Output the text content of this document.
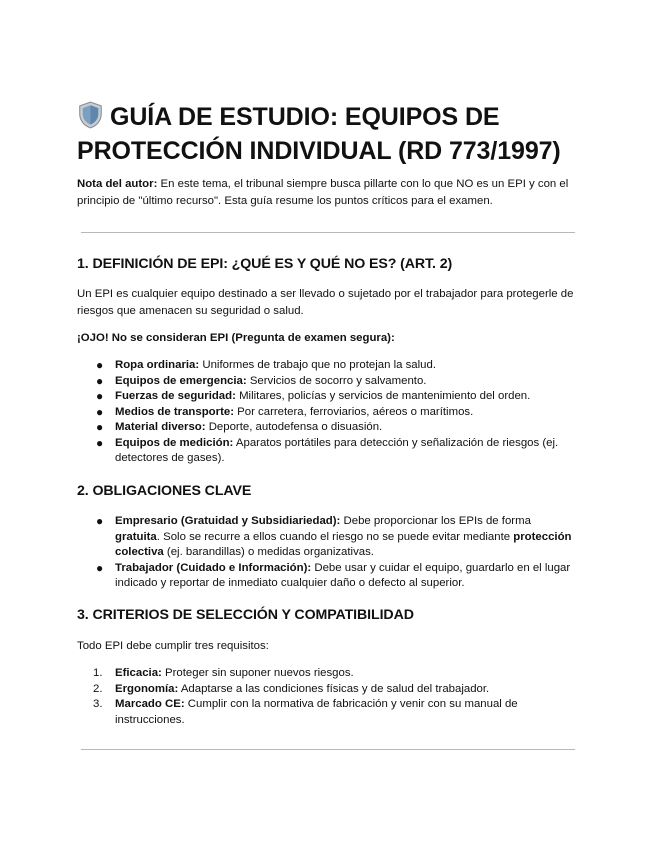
GUÍA DE ESTUDIO: EQUIPOS DE
PROTECCIÓN INDIVIDUAL (RD 773/1997)
Nota del autor: En este tema, el tribunal siempre busca pillarte con lo que NO es un EPI y con el principio de "último recurso". Esta guía resume los puntos críticos para el examen.
1. DEFINICIÓN DE EPI: ¿QUÉ ES Y QUÉ NO ES? (ART. 2)

Un EPI es cualquier equipo destinado a ser llevado o sujetado por el trabajador para protegerle de riesgos que amenacen su seguridad o salud.

¡OJO! No se consideran EPI (Pregunta de examen segura):

● Ropa ordinaria: Uniformes de trabajo que no protejan la salud.
● Equipos de emergencia: Servicios de socorro y salvamento.
● Fuerzas de seguridad: Militares, policías y servicios de mantenimiento del orden.
● Medios de transporte: Por carretera, ferroviarios, aéreos o marítimos.
● Material diverso: Deporte, autodefensa o disuasión.
● Equipos de medición: Aparatos portátiles para detección y señalización de riesgos (ej. detectores de gases).
2. OBLIGACIONES CLAVE
● Empresario (Gratuidad y Subsidiariedad): Debe proporcionar los EPIs de forma gratuita. Solo se recurre a ellos cuando el riesgo no se puede evitar mediante protección colectiva (ej. barandillas) o medidas organizativas.
● Trabajador (Cuidado e Información): Debe usar y cuidar el equipo, guardarlo en el lugar indicado y reportar de inmediato cualquier daño o defecto al superior.
3. CRITERIOS DE SELECCIÓN Y COMPATIBILIDAD

Todo EPI debe cumplir tres requisitos:

1. Eficacia: Proteger sin suponer nuevos riesgos.
2. Ergonomía: Adaptarse a las condiciones físicas y de salud del trabajador.
3. Marcado CE: Cumplir con la normativa de fabricación y venir con su manual de instrucciones.
